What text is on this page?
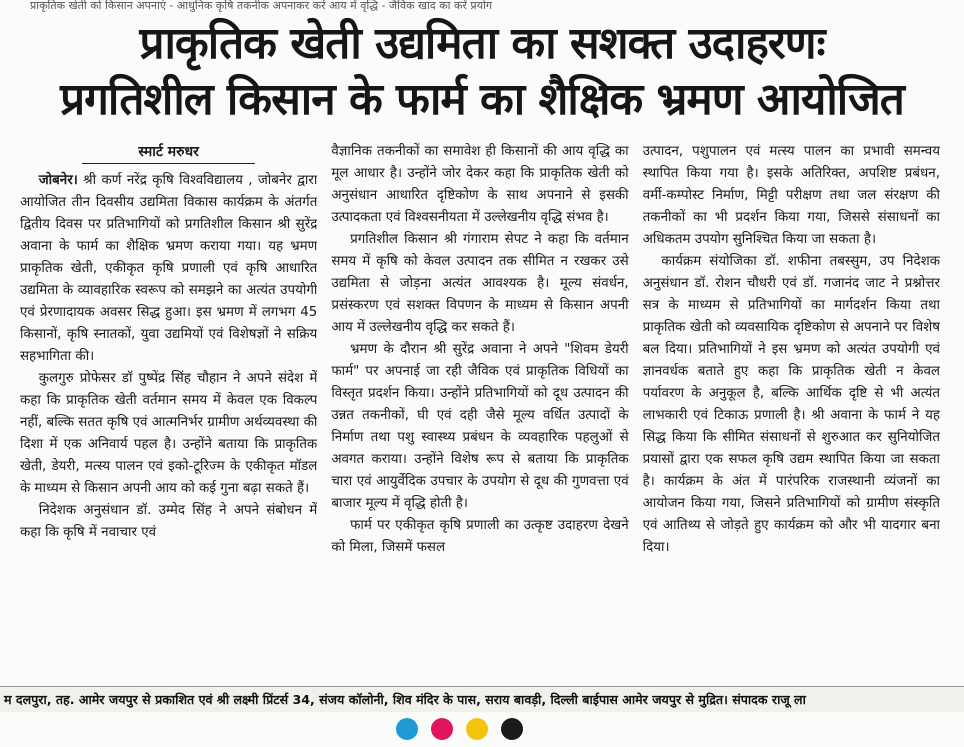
प्राकृतिक खेती को किसान अपनाएं - आधुनिक कृषि तकनीक अपनाकर करें आय में वृद्धि - जैविक खाद का करें प्रयोग
प्राकृतिक खेती उद्यमिता का सशक्त उदाहरणः
प्रगतिशील किसान के फार्म का शैक्षिक भ्रमण आयोजित
स्मार्ट मरुधर

जोबनेर। श्री कर्ण नरेंद्र कृषि विश्वविद्यालय , जोबनेर द्वारा आयोजित तीन दिवसीय उद्यमिता विकास कार्यक्रम के अंतर्गत द्वितीय दिवस पर प्रतिभागियों को प्रगतिशील किसान श्री सुरेंद्र अवाना के फार्म का शैक्षिक भ्रमण कराया गया। यह भ्रमण प्राकृतिक खेती, एकीकृत कृषि प्रणाली एवं कृषि आधारित उद्यमिता के व्यावहारिक स्वरूप को समझने का अत्यंत उपयोगी एवं प्रेरणादायक अवसर सिद्ध हुआ। इस भ्रमण में लगभग 45 किसानों, कृषि स्नातकों, युवा उद्यमियों एवं विशेषज्ञों ने सक्रिय सहभागिता की।

कुलगुरु प्रोफेसर डॉ पुष्पेंद्र सिंह चौहान ने अपने संदेश में कहा कि प्राकृतिक खेती वर्तमान समय में केवल एक विकल्प नहीं, बल्कि सतत कृषि एवं आत्मनिर्भर ग्रामीण अर्थव्यवस्था की दिशा में एक अनिवार्य पहल है। उन्होंने बताया कि प्राकृतिक खेती, डेयरी, मत्स्य पालन एवं इको-टूरिज्म के एकीकृत मॉडल के माध्यम से किसान अपनी आय को कई गुना बढ़ा सकते हैं।

निदेशक अनुसंधान डॉ. उम्मेद सिंह ने अपने संबोधन में कहा कि कृषि में नवाचार एवं

वैज्ञानिक तकनीकों का समावेश ही किसानों की आय वृद्धि का मूल आधार है। उन्होंने जोर देकर कहा कि प्राकृतिक खेती को अनुसंधान आधारित दृष्टिकोण के साथ अपनाने से इसकी उत्पादकता एवं विश्वसनीयता में उल्लेखनीय वृद्धि संभव है।

प्रगतिशील किसान श्री गंगाराम सेपट ने कहा कि वर्तमान समय में कृषि को केवल उत्पादन तक सीमित न रखकर उसे उद्यमिता से जोड़ना अत्यंत आवश्यक है। मूल्य संवर्धन, प्रसंस्करण एवं सशक्त विपणन के माध्यम से किसान अपनी आय में उल्लेखनीय वृद्धि कर सकते हैं।

भ्रमण के दौरान श्री सुरेंद्र अवाना ने अपने "शिवम डेयरी फार्म" पर अपनाई जा रही जैविक एवं प्राकृतिक विधियों का विस्तृत प्रदर्शन किया। उन्होंने प्रतिभागियों को दूध उत्पादन की उन्नत तकनीकों, घी एवं दही जैसे मूल्य वर्धित उत्पादों के निर्माण तथा पशु स्वास्थ्य प्रबंधन के व्यवहारिक पहलुओं से अवगत कराया। उन्होंने विशेष रूप से बताया कि प्राकृतिक चारा एवं आयुर्वेदिक उपचार के उपयोग से दूध की गुणवत्ता एवं बाजार मूल्य में वृद्धि होती है।

फार्म पर एकीकृत कृषि प्रणाली का उत्कृष्ट उदाहरण देखने को मिला, जिसमें फसल

उत्पादन, पशुपालन एवं मत्स्य पालन का प्रभावी समन्वय स्थापित किया गया है। इसके अतिरिक्त, अपशिष्ट प्रबंधन, वर्मी-कम्पोस्ट निर्माण, मिट्टी परीक्षण तथा जल संरक्षण की तकनीकों का भी प्रदर्शन किया गया, जिससे संसाधनों का अधिकतम उपयोग सुनिश्चित किया जा सकता है।

कार्यक्रम संयोजिका डॉ. शफीना तबस्सुम, उप निदेशक अनुसंधान डॉ. रोशन चौधरी एवं डॉ. गजानंद जाट ने प्रश्नोत्तर सत्र के माध्यम से प्रतिभागियों का मार्गदर्शन किया तथा प्राकृतिक खेती को व्यवसायिक दृष्टिकोण से अपनाने पर विशेष बल दिया। प्रतिभागियों ने इस भ्रमण को अत्यंत उपयोगी एवं ज्ञानवर्धक बताते हुए कहा कि प्राकृतिक खेती न केवल पर्यावरण के अनुकूल है, बल्कि आर्थिक दृष्टि से भी अत्यंत लाभकारी एवं टिकाऊ प्रणाली है। श्री अवाना के फार्म ने यह सिद्ध किया कि सीमित संसाधनों से शुरुआत कर सुनियोजित प्रयासों द्वारा एक सफल कृषि उद्यम स्थापित किया जा सकता है। कार्यक्रम के अंत में पारंपरिक राजस्थानी व्यंजनों का आयोजन किया गया, जिसने प्रतिभागियों को ग्रामीण संस्कृति एवं आतिथ्य से जोड़ते हुए कार्यक्रम को और भी यादगार बना दिया।

म दलपुरा, तह. आमेर जयपुर से प्रकाशित एवं श्री लक्ष्मी प्रिंटर्स 34, संजय कॉलोनी, शिव मंदिर के पास, सराय बावड़ी, दिल्ली बाईपास आमेर जयपुर से मुद्रित। संपादक राजू ला
